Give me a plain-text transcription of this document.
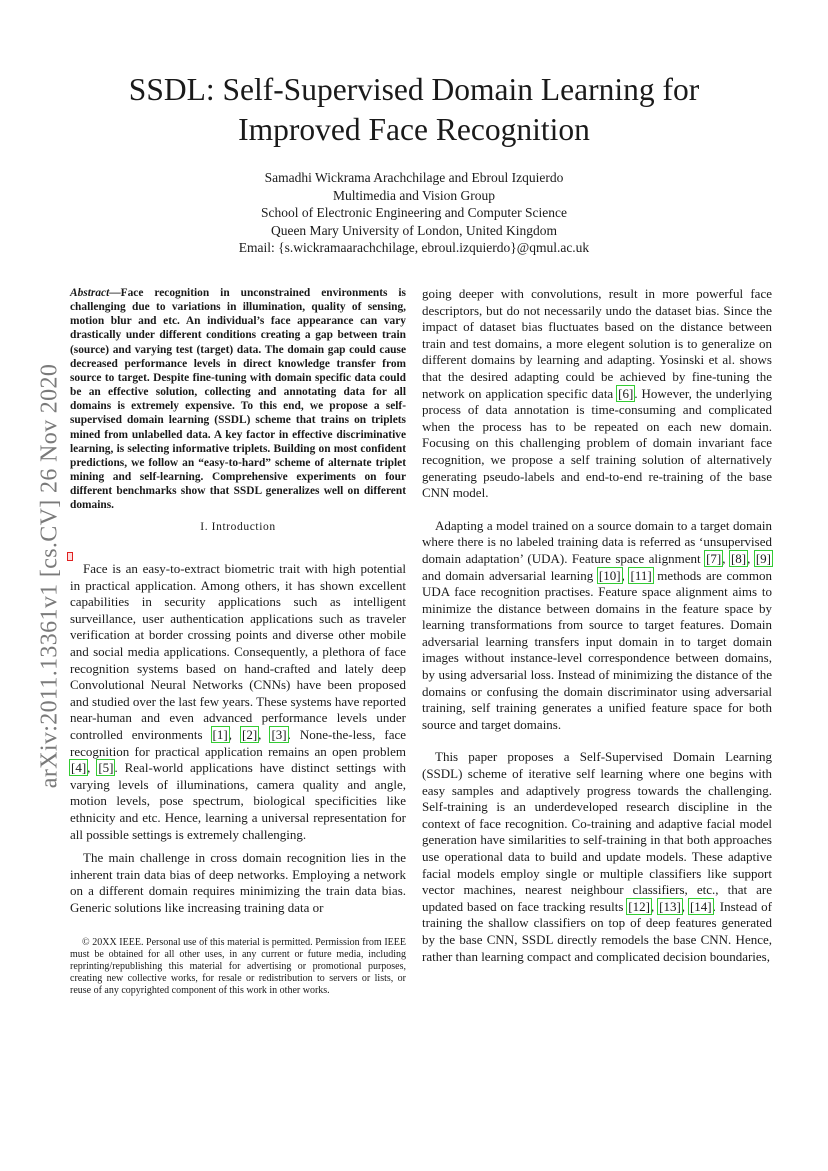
SSDL: Self-Supervised Domain Learning for Improved Face Recognition
Samadhi Wickrama Arachchilage and Ebroul Izquierdo
Multimedia and Vision Group
School of Electronic Engineering and Computer Science
Queen Mary University of London, United Kingdom
Email: {s.wickramaarachchilage, ebroul.izquierdo}@qmul.ac.uk
arXiv:2011.13361v1 [cs.CV] 26 Nov 2020
Abstract—Face recognition in unconstrained environments is challenging due to variations in illumination, quality of sensing, motion blur and etc. An individual’s face appearance can vary drastically under different conditions creating a gap between train (source) and varying test (target) data. The domain gap could cause decreased performance levels in direct knowledge transfer from source to target. Despite fine-tuning with domain specific data could be an effective solution, collecting and annotating data for all domains is extremely expensive. To this end, we propose a self-supervised domain learning (SSDL) scheme that trains on triplets mined from unlabelled data. A key factor in effective discriminative learning, is selecting informative triplets. Building on most confident predictions, we follow an “easy-to-hard” scheme of alternate triplet mining and self-learning. Comprehensive experiments on four different benchmarks show that SSDL generalizes well on different domains.
I. Introduction

Face is an easy-to-extract biometric trait with high potential in practical application. Among others, it has shown excellent capabilities in security applications such as intelligent surveillance, user authentication applications such as traveler verification at border crossing points and diverse other mobile and social media applications. Consequently, a plethora of face recognition systems based on hand-crafted and lately deep Convolutional Neural Networks (CNNs) have been proposed and studied over the last few years. These systems have reported near-human and even advanced performance levels under controlled environments [1], [2], [3]. None-the-less, face recognition for practical application remains an open problem [4], [5]. Real-world applications have distinct settings with varying levels of illuminations, camera quality and angle, motion levels, pose spectrum, biological specificities like ethnicity and etc. Hence, learning a universal representation for all possible settings is extremely challenging.

The main challenge in cross domain recognition lies in the inherent train data bias of deep networks. Employing a network on a different domain requires minimizing the train data bias. Generic solutions like increasing training data or

© 20XX IEEE. Personal use of this material is permitted. Permission from IEEE must be obtained for all other uses, in any current or future media, including reprinting/republishing this material for advertising or promotional purposes, creating new collective works, for resale or redistribution to servers or lists, or reuse of any copyrighted component of this work in other works.

going deeper with convolutions, result in more powerful face descriptors, but do not necessarily undo the dataset bias. Since the impact of dataset bias fluctuates based on the distance between train and test domains, a more elegent solution is to generalize on different domains by learning and adapting. Yosinski et al. shows that the desired adapting could be achieved by fine-tuning the network on application specific data [6]. However, the underlying process of data annotation is time-consuming and complicated when the process has to be repeated on each new domain. Focusing on this challenging problem of domain invariant face recognition, we propose a self training solution of alternatively generating pseudo-labels and end-to-end re-training of the base CNN model.

Adapting a model trained on a source domain to a target domain where there is no labeled training data is referred as ‘unsupervised domain adaptation’ (UDA). Feature space alignment [7], [8], [9] and domain adversarial learning [10], [11] methods are common UDA face recognition practises. Feature space alignment aims to minimize the distance between domains in the feature space by learning transformations from source to target features. Domain adversarial learning transfers input domain in to target domain images without instance-level correspondence between domains, by using adversarial loss. Instead of minimizing the distance of the domains or confusing the domain discriminator using adversarial training, self training generates a unified feature space for both source and target domains.

This paper proposes a Self-Supervised Domain Learning (SSDL) scheme of iterative self learning where one begins with easy samples and adaptively progress towards the challenging. Self-training is an underdeveloped research discipline in the context of face recognition. Co-training and adaptive facial model generation have similarities to self-training in that both approaches use operational data to build and update models. These adaptive facial models employ single or multiple classifiers like support vector machines, nearest neighbour classifiers, etc., that are updated based on face tracking results [12], [13], [14]. Instead of training the shallow classifiers on top of deep features generated by the base CNN, SSDL directly remodels the base CNN. Hence, rather than learning compact and complicated decision boundaries,
